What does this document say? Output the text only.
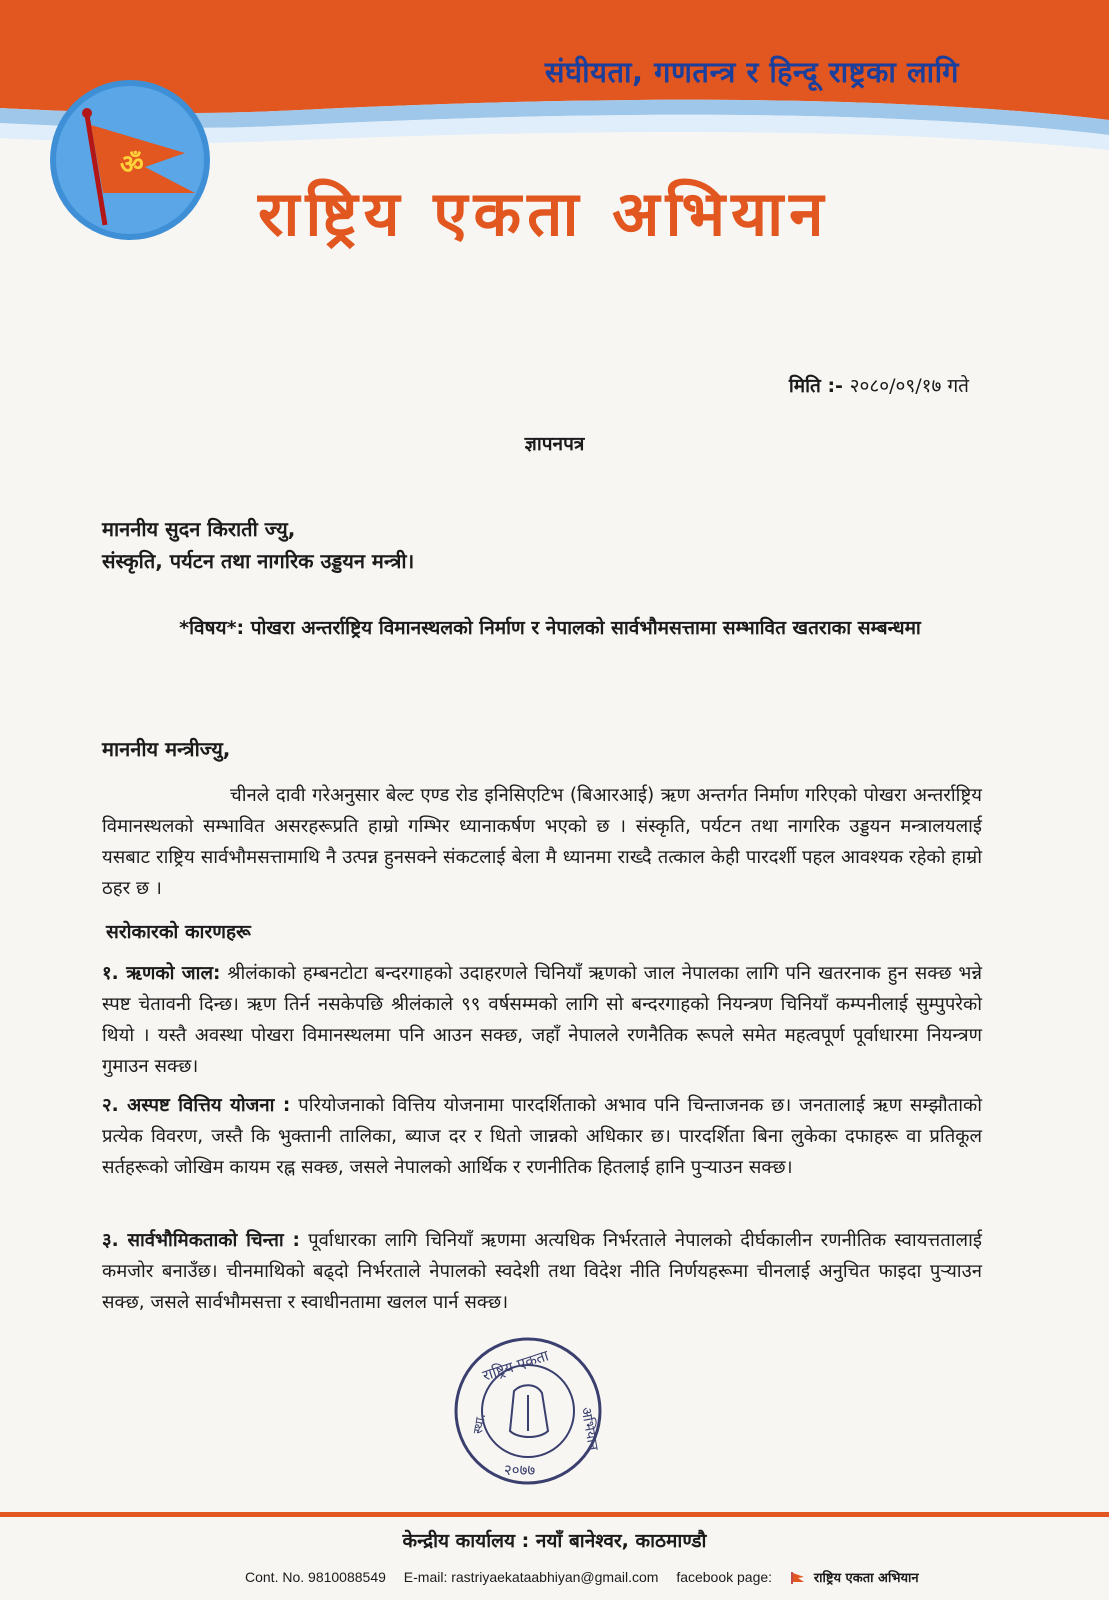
संघीयता, गणतन्त्र र हिन्दू राष्ट्रका लागि
ॐ
राष्ट्रिय एकता अभियान
मिति :- २०८०/०९/१७ गते
ज्ञापनपत्र
माननीय सुदन किराती ज्यु,
संस्कृति, पर्यटन तथा नागरिक उड्डयन मन्त्री।
*विषय*: पोखरा अन्तर्राष्ट्रिय विमानस्थलको निर्माण र नेपालको सार्वभौमसत्तामा सम्भावित खतराका सम्बन्धमा
माननीय मन्त्रीज्यु,
चीनले दावी गरेअनुसार बेल्ट एण्ड रोड इनिसिएटिभ (बिआरआई) ऋण अन्तर्गत निर्माण गरिएको पोखरा अन्तर्राष्ट्रिय विमानस्थलको सम्भावित असरहरूप्रति हाम्रो गम्भिर ध्यानाकर्षण भएको छ । संस्कृति, पर्यटन तथा नागरिक उड्डयन मन्त्रालयलाई यसबाट राष्ट्रिय सार्वभौमसत्तामाथि नै उत्पन्न हुनसक्ने संकटलाई बेला मै ध्यानमा राख्दै तत्काल केही पारदर्शी पहल आवश्यक रहेको हाम्रो ठहर छ ।
सरोकारको कारणहरू
१. ऋणको जाल: श्रीलंकाको हम्बनटोटा बन्दरगाहको उदाहरणले चिनियाँ ऋणको जाल नेपालका लागि पनि खतरनाक हुन सक्छ भन्ने स्पष्ट चेतावनी दिन्छ। ऋण तिर्न नसकेपछि श्रीलंकाले ९९ वर्षसम्मको लागि सो बन्दरगाहको नियन्त्रण चिनियाँ कम्पनीलाई सुम्पुपरेको थियो । यस्तै अवस्था पोखरा विमानस्थलमा पनि आउन सक्छ, जहाँ नेपालले रणनैतिक रूपले समेत महत्वपूर्ण पूर्वाधारमा नियन्त्रण गुमाउन सक्छ।
२. अस्पष्ट वित्तिय योजना : परियोजनाको वित्तिय योजनामा पारदर्शिताको अभाव पनि चिन्ताजनक छ। जनतालाई ऋण सम्झौताको प्रत्येक विवरण, जस्तै कि भुक्तानी तालिका, ब्याज दर र धितो जान्नको अधिकार छ। पारदर्शिता बिना लुकेका दफाहरू वा प्रतिकूल सर्तहरूको जोखिम कायम रह्न सक्छ, जसले नेपालको आर्थिक र रणनीतिक हितलाई हानि पुर्‍याउन सक्छ।
३. सार्वभौमिकताको चिन्ता : पूर्वाधारका लागि चिनियाँ ऋणमा अत्यधिक निर्भरताले नेपालको दीर्घकालीन रणनीतिक स्वायत्ततालाई कमजोर बनाउँछ। चीनमाथिको बढ्दो निर्भरताले नेपालको स्वदेशी तथा विदेश नीति निर्णयहरूमा चीनलाई अनुचित फाइदा पुर्‍याउन सक्छ, जसले सार्वभौमसत्ता र स्वाधीनतामा खलल पार्न सक्छ।
राष्ट्रिय एकता
अभियान
स्था.
२०७७
केन्द्रीय कार्यालय : नयाँ बानेश्वर, काठमाण्डौ
Cont. No. 9810088549 E-mail: rastriyaekataabhiyan@gmail.com facebook page:	राष्ट्रिय एकता अभियान
